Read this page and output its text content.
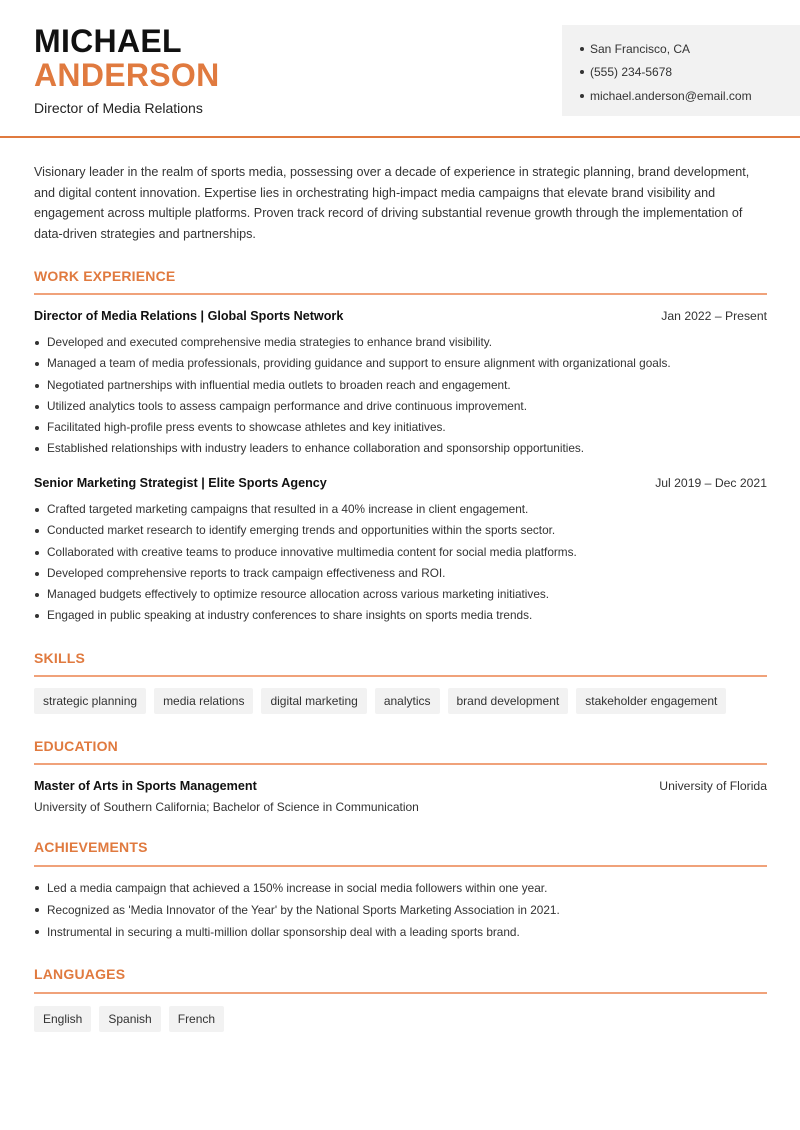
MICHAEL
ANDERSON
Director of Media Relations
San Francisco, CA
(555) 234-5678
michael.anderson@email.com

Visionary leader in the realm of sports media, possessing over a decade of experience in strategic planning, brand development, and digital content innovation. Expertise lies in orchestrating high-impact media campaigns that elevate brand visibility and engagement across multiple platforms. Proven track record of driving substantial revenue growth through the implementation of data-driven strategies and partnerships.

WORK EXPERIENCE
Director of Media Relations | Global Sports Network	Jan 2022 – Present
Developed and executed comprehensive media strategies to enhance brand visibility.
Managed a team of media professionals, providing guidance and support to ensure alignment with organizational goals.
Negotiated partnerships with influential media outlets to broaden reach and engagement.
Utilized analytics tools to assess campaign performance and drive continuous improvement.
Facilitated high-profile press events to showcase athletes and key initiatives.
Established relationships with industry leaders to enhance collaboration and sponsorship opportunities.
Senior Marketing Strategist | Elite Sports Agency	Jul 2019 – Dec 2021
Crafted targeted marketing campaigns that resulted in a 40% increase in client engagement.
Conducted market research to identify emerging trends and opportunities within the sports sector.
Collaborated with creative teams to produce innovative multimedia content for social media platforms.
Developed comprehensive reports to track campaign effectiveness and ROI.
Managed budgets effectively to optimize resource allocation across various marketing initiatives.
Engaged in public speaking at industry conferences to share insights on sports media trends.
SKILLS
strategic planning	media relations	digital marketing	analytics	brand development	stakeholder engagement
EDUCATION
Master of Arts in Sports Management	University of Florida
University of Southern California; Bachelor of Science in Communication
ACHIEVEMENTS
Led a media campaign that achieved a 150% increase in social media followers within one year.
Recognized as 'Media Innovator of the Year' by the National Sports Marketing Association in 2021.
Instrumental in securing a multi-million dollar sponsorship deal with a leading sports brand.
LANGUAGES
English	Spanish	French
